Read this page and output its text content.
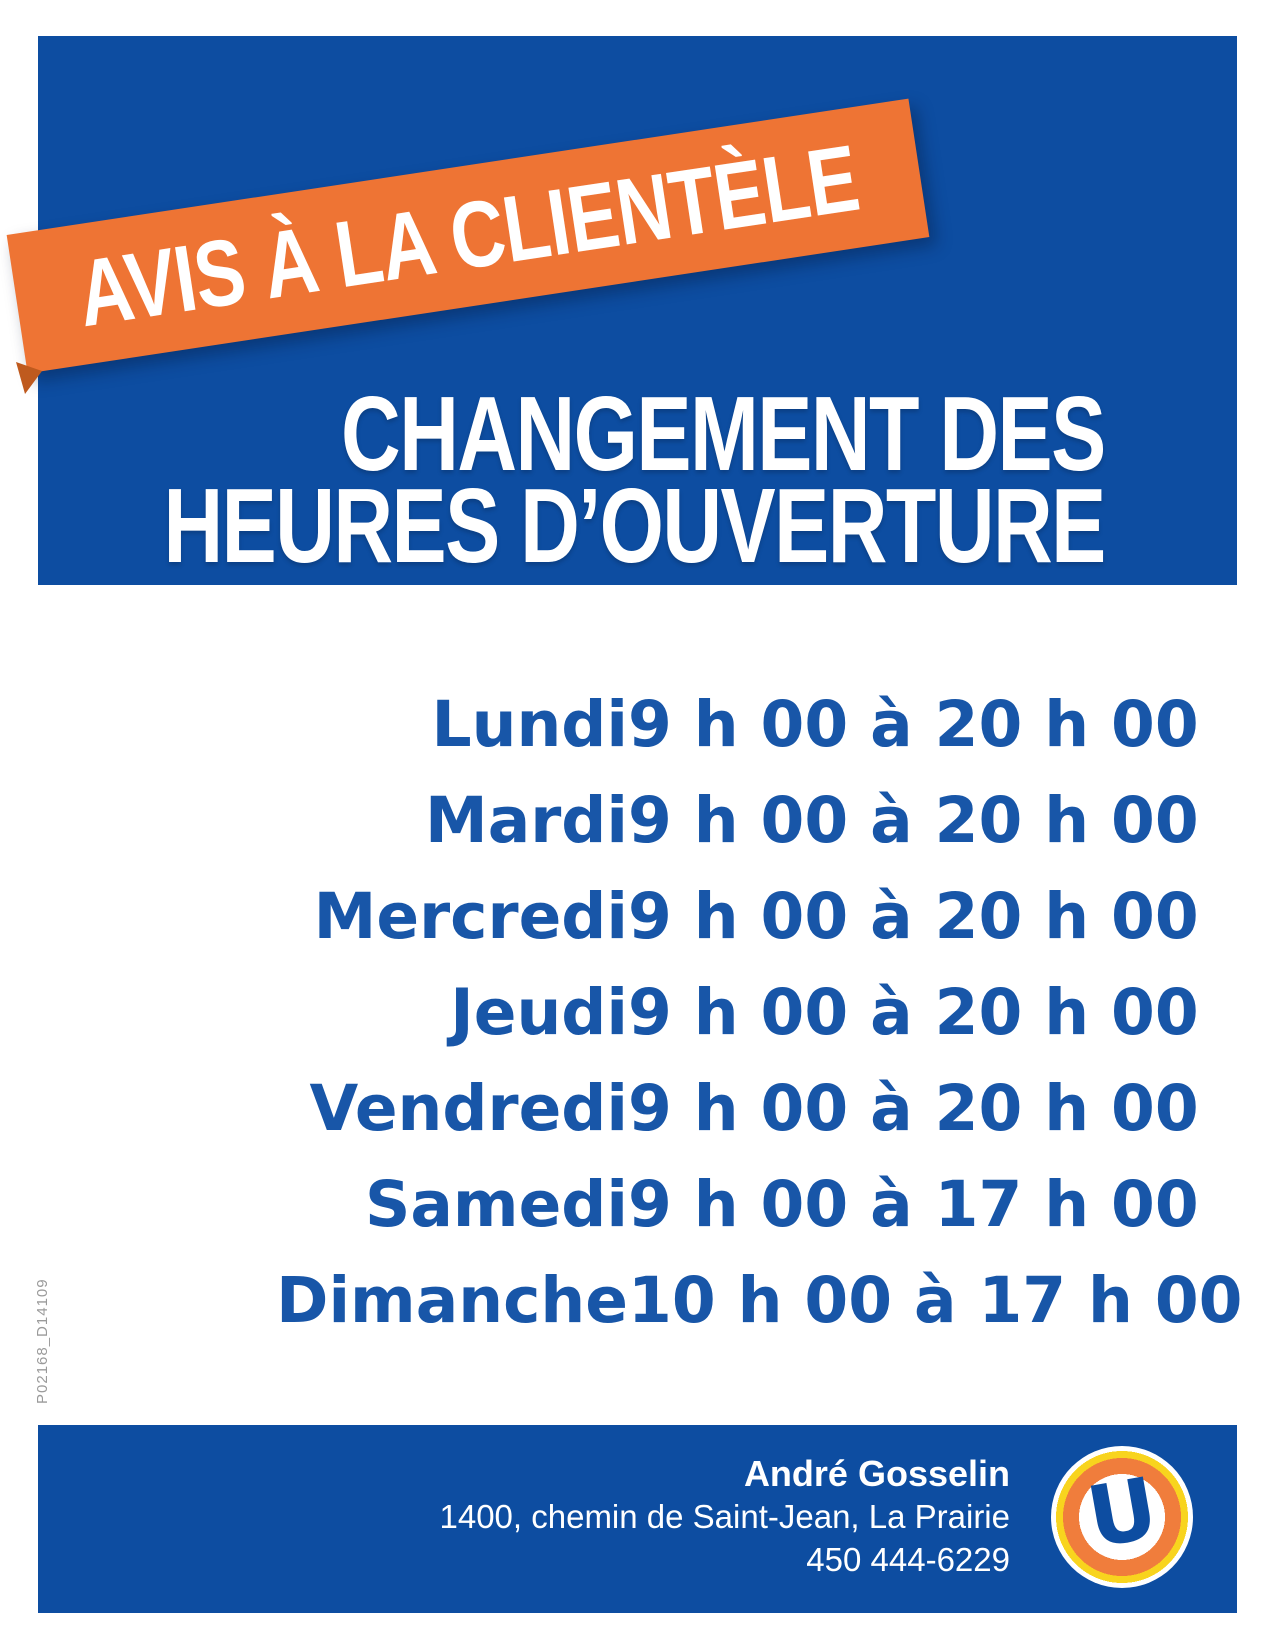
AVIS À LA CLIENTÈLE
CHANGEMENT DES
HEURES D’OUVERTURE
Lundi 9 h 00 à 20 h 00
Mardi 9 h 00 à 20 h 00
Mercredi 9 h 00 à 20 h 00
Jeudi 9 h 00 à 20 h 00
Vendredi 9 h 00 à 20 h 00
Samedi 9 h 00 à 17 h 00
Dimanche 10 h 00 à 17 h 00
P02168_D14109
André Gosselin
1400, chemin de Saint-Jean, La Prairie
450 444-6229 U
